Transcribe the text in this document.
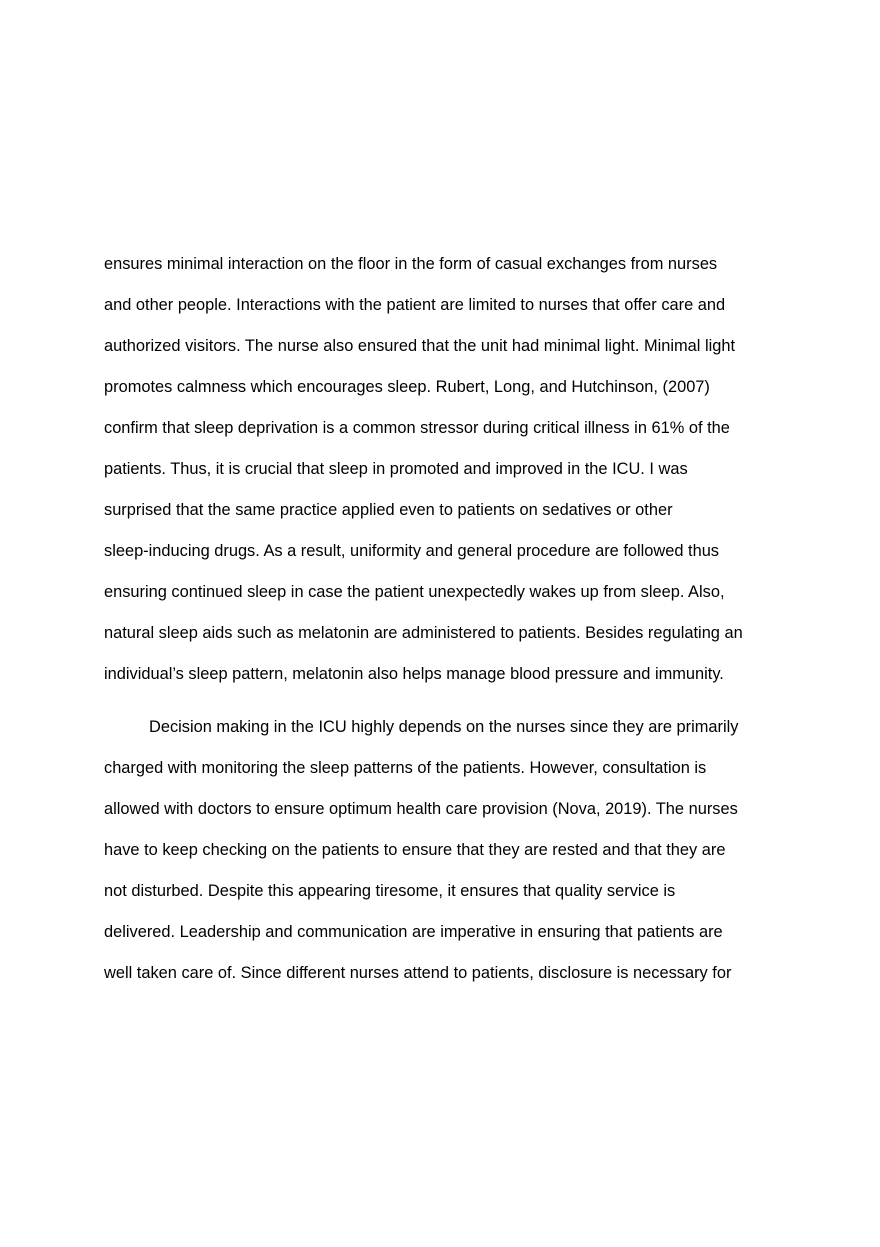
ensures minimal interaction on the floor in the form of casual exchanges from nurses
and other people. Interactions with the patient are limited to nurses that offer care and
authorized visitors. The nurse also ensured that the unit had minimal light. Minimal light
promotes calmness which encourages sleep. Rubert, Long, and Hutchinson, (2007)
confirm that sleep deprivation is a common stressor during critical illness in 61% of the
patients. Thus, it is crucial that sleep in promoted and improved in the ICU. I was
surprised that the same practice applied even to patients on sedatives or other
sleep-inducing drugs. As a result, uniformity and general procedure are followed thus
ensuring continued sleep in case the patient unexpectedly wakes up from sleep. Also,
natural sleep aids such as melatonin are administered to patients. Besides regulating an
individual’s sleep pattern, melatonin also helps manage blood pressure and immunity.
Decision making in the ICU highly depends on the nurses since they are primarily
charged with monitoring the sleep patterns of the patients. However, consultation is
allowed with doctors to ensure optimum health care provision (Nova, 2019). The nurses
have to keep checking on the patients to ensure that they are rested and that they are
not disturbed. Despite this appearing tiresome, it ensures that quality service is
delivered. Leadership and communication are imperative in ensuring that patients are
well taken care of. Since different nurses attend to patients, disclosure is necessary for
